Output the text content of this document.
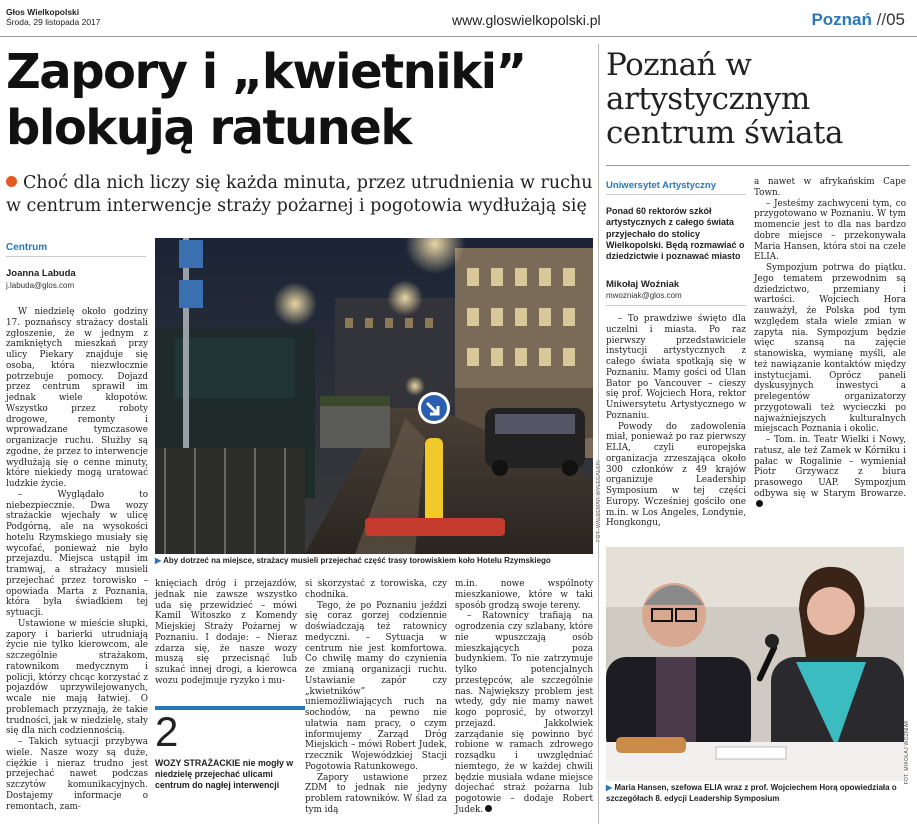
Głos Wielkopolski
Środa, 29 listopada 2017	www.gloswielkopolski.pl	Poznań //05
Zapory i „kwietniki”
blokują ratunek
Choć dla nich liczy się każda minuta, przez utrudnienia w ruchu w centrum interwencje straży pożarnej i pogotowia wydłużają się
Centrum
Joanna Labuda
j.labuda@glos.com

W niedzielę około godziny 17. poznańscy strażacy dostali zgłoszenie, że w jednym z zamkniętych mieszkań przy ulicy Piekary znajduje się osoba, która niezwłocznie potrzebuje pomocy. Dojazd przez centrum sprawił im jednak wiele kłopotów. Wszystko przez roboty drogowe, remonty i wprowadzane tymczasowe organizacje ruchu. Służby są zgodne, że przez to interwencje wydłużają się o cenne minuty, które niekiedy mogą uratować ludzkie życie.

– Wyglądało to niebezpiecznie. Dwa wozy strażackie wjechały w ulicę Podgórną, ale na wysokości hotelu Rzymskiego musiały się wycofać, ponieważ nie było przejazdu. Miejsca ustąpił im tramwaj, a strażacy musieli przejechać przez torowisko – opowiada Marta z Poznania, która była świadkiem tej sytuacji.

Ustawione w mieście słupki, zapory i barierki utrudniają życie nie tylko kierowcom, ale szczególnie strażakom, ratownikom medycznym i policji, którzy chcąc korzystać z pojazdów uprzywilejowanych, wcale nie mają łatwiej. O problemach przyznają, że takie trudności, jak w niedzielę, stały się dla nich codziennością.

– Takich sytuacji przybywa wiele. Nasze wozy są duże, ciężkie i nieraz trudno jest przejechać nawet podczas szczytów komunikacyjnych. Dostajemy informacje o remontach, zam-

FOT. WALDEMAR WYLEGALSKI
▶ Aby dotrzeć na miejsce, strażacy musieli przejechać część trasy torowiskiem koło Hotelu Rzymskiego

knięciach dróg i przejazdów, jednak nie zawsze wszystko uda się przewidzieć – mówi Kamil Witoszko z Komendy Miejskiej Straży Pożarnej w Poznaniu. I dodaje: – Nieraz zdarza się, że nasze wozy muszą się przecisnąć lub szukać innej drogi, a kierowca wozu podejmuje ryzyko i mu-

2
WOZY STRAŻACKIE nie mogły w niedzielę przejechać ulicami centrum do nagłej interwencji

si skorzystać z torowiska, czy chodnika.

Tego, że po Poznaniu jeździ się coraz gorzej codziennie doświadczają też ratownicy medyczni. – Sytuacja w centrum nie jest komfortowa. Co chwilę mamy do czynienia ze zmianą organizacji ruchu. Ustawianie zapór czy „kwietników” uniemożliwiających ruch na sochodów, na pewno nie ułatwia nam pracy, o czym informujemy Zarząd Dróg Miejskich – mówi Robert Judek, rzecznik Wojewódzkiej Stacji Pogotowia Ratunkowego.

Zapory ustawione przez ZDM to jednak nie jedyny problem ratowników. W ślad za tym idą

m.in. nowe wspólnoty mieszkaniowe, które w taki sposób grodzą swoje tereny.

– Ratownicy trafiają na ogrodzenia czy szlabany, które nie wpuszczają osób mieszkających poza budynkiem. To nie zatrzymuje tylko potencjalnych przestępców, ale szczególnie nas. Największy problem jest wtedy, gdy nie mamy nawet kogo poprosić, by otworzył przejazd. Jakkolwiek zarządanie się powinno być robione w ramach zdrowego rozsądku i uwzględniać niemtego, że w każdej chwili będzie musiała wdane miejsce dojechać straż pożarna lub pogotowie – dodaje Robert Judek.

Poznań w artystycznym centrum świata
Uniwersytet Artystyczny
Ponad 60 rektorów szkół artystycznych z całego świata przyjechało do stolicy Wielkopolski. Będą rozmawiać o dziedzictwie i poznawać miasto
Mikołaj Woźniak
mwozniak@glos.com

– To prawdziwe święto dla uczelni i miasta. Po raz pierwszy przedstawiciele instytucji artystycznych z całego świata spotkają się w Poznaniu. Mamy gości od Ulan Bator po Vancouver – cieszy się prof. Wojciech Hora, rektor Uniwersytetu Artystycznego w Poznaniu.

Powody do zadowolenia miał, ponieważ po raz pierwszy ELIA, czyli europejska organizacja zrzeszająca około 300 członków z 49 krajów organizuje Leadership Symposium w tej części Europy. Wcześniej gościło one m.in. w Los Angeles, Londynie, Hongkongu,

a nawet w afrykańskim Cape Town.

– Jesteśmy zachwyceni tym, co przygotowano w Poznaniu. W tym momencie jest to dla nas bardzo dobre miejsce – przekonywała Maria Hansen, która stoi na czele ELIA.

Sympozjum potrwa do piątku. Jego tematem przewodnim są dziedzictwo, przemiany i wartości. Wojciech Hora zauważył, że Polska pod tym względem stała wiele zmian w zapyta nia. Sympozjum będzie więc szansą na zajęcie stanowiska, wymianę myśli, ale też nawiązanie kontaktów między instytucjami. Oprócz paneli dyskusyjnych inwestyci a prelegentów organizatorzy przygotowali też wycieczki po najważniejszych kulturalnych miejscach Poznania i okolic.

– Tom. in. Teatr Wielki i Nowy, ratusz, ale też Zamek w Kórniku i pałac w Rogalinie – wymieniał Piotr Grzywacz z biura prasowego UAP. Sympozjum odbywa się w Starym Browarze.

FOT. MIKOŁAJ WOŹNIAK
▶ Maria Hansen, szefowa ELIA wraz z prof. Wojciechem Horą opowiedziała o szczegółach 8. edycji Leadership Symposium
